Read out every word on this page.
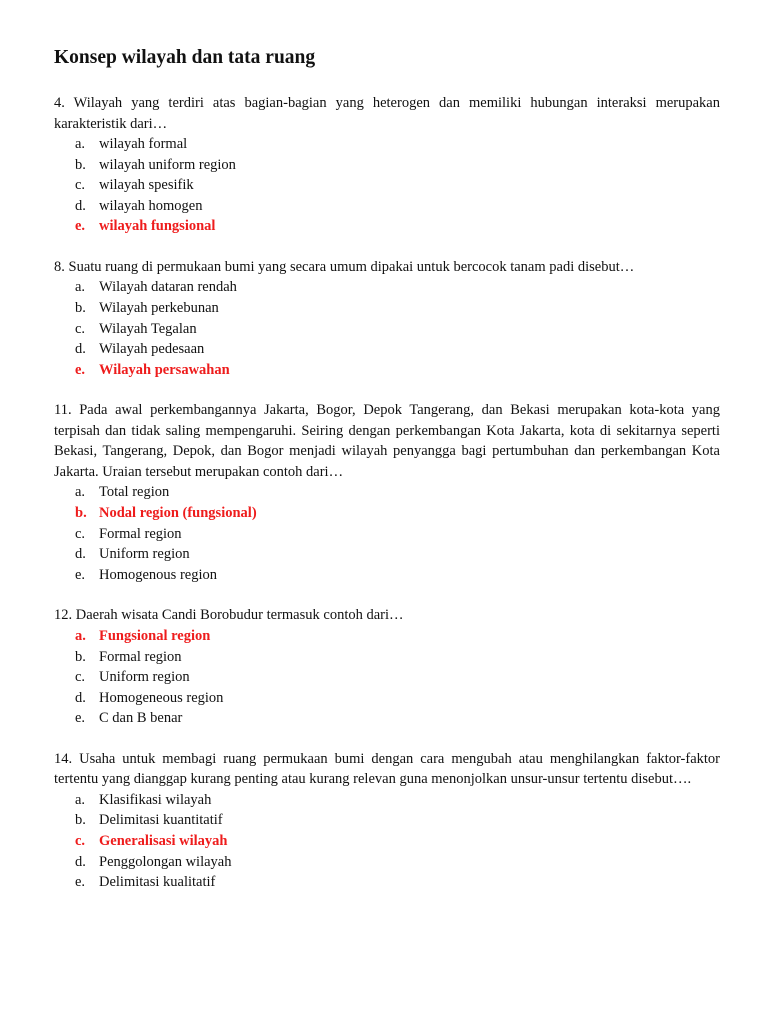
Konsep wilayah dan tata ruang

4. Wilayah yang terdiri atas bagian-bagian yang heterogen dan memiliki hubungan interaksi merupakan karakteristik dari…

a. wilayah formal
b. wilayah uniform region
c. wilayah spesifik
d. wilayah homogen
e. wilayah fungsional

8. Suatu ruang di permukaan bumi yang secara umum dipakai untuk bercocok tanam padi disebut…

a. Wilayah dataran rendah
b. Wilayah perkebunan
c. Wilayah Tegalan
d. Wilayah pedesaan
e. Wilayah persawahan

11. Pada awal perkembangannya Jakarta, Bogor, Depok Tangerang, dan Bekasi merupakan kota-kota yang terpisah dan tidak saling mempengaruhi. Seiring dengan perkembangan Kota Jakarta, kota di sekitarnya seperti Bekasi, Tangerang, Depok, dan Bogor menjadi wilayah penyangga bagi pertumbuhan dan perkembangan Kota Jakarta. Uraian tersebut merupakan contoh dari…

a. Total region
b. Nodal region (fungsional)
c. Formal region
d. Uniform region
e. Homogenous region

12. Daerah wisata Candi Borobudur termasuk contoh dari…

a. Fungsional region
b. Formal region
c. Uniform region
d. Homogeneous region
e. C dan B benar

14. Usaha untuk membagi ruang permukaan bumi dengan cara mengubah atau menghilangkan faktor-faktor tertentu yang dianggap kurang penting atau kurang relevan guna menonjolkan unsur-unsur tertentu disebut….

a. Klasifikasi wilayah
b. Delimitasi kuantitatif
c. Generalisasi wilayah
d. Penggolongan wilayah
e. Delimitasi kualitatif
